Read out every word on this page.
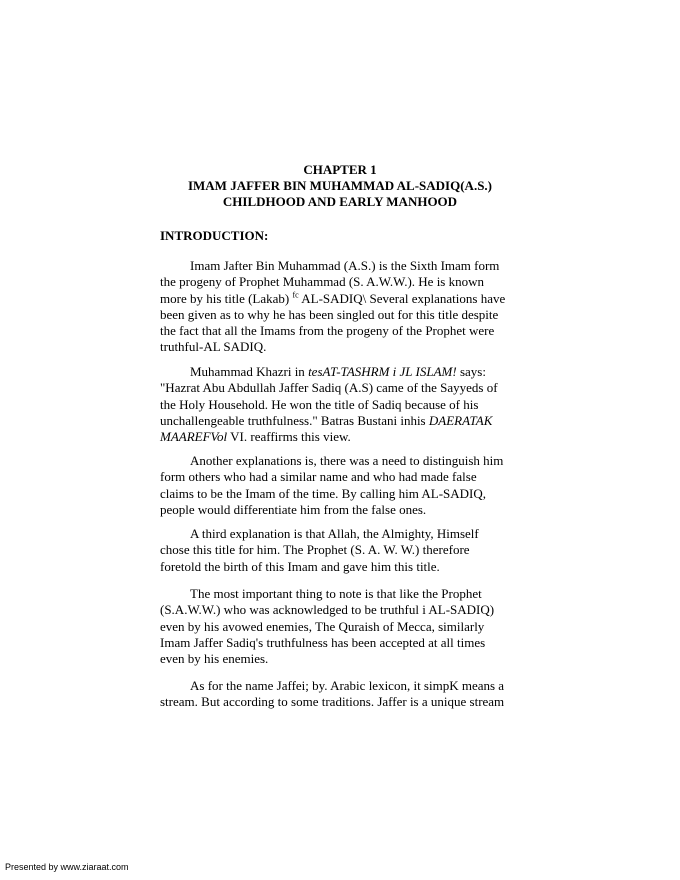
CHAPTER 1

IMAM JAFFER BIN MUHAMMAD AL-SADIQ(A.S.)

CHILDHOOD AND EARLY MANHOOD

INTRODUCTION:

Imam Jafter Bin Muhammad (A.S.) is the Sixth Imam form
the progeny of Prophet Muhammad (S. A.W.W.). He is known
more by his title (Lakab) $^{fc}$ AL-SADIQ\ Several explanations have
been given as to why he has been singled out for this title despite
the fact that all the Imams from the progeny of the Prophet were
truthful-AL SADIQ.
Muhammad Khazri in tesAT-TASHRM i JL ISLAM! says:
"Hazrat Abu Abdullah Jaffer Sadiq (A.S) came of the Sayyeds of
the Holy Household. He won the title of Sadiq because of his
unchallengeable truthfulness." Batras Bustani inhis DAERATAK
MAAREFVol VI. reaffirms this view.
Another explanations is, there was a need to distinguish him
form others who had a similar name and who had made false
claims to be the Imam of the time. By calling him AL-SADIQ,
people would differentiate him from the false ones.
A third explanation is that Allah, the Almighty, Himself
chose this title for him. The Prophet (S. A. W. W.) therefore
foretold the birth of this Imam and gave him this title.
The most important thing to note is that like the Prophet
(S.A.W.W.) who was acknowledged to be truthful i AL-SADIQ)
even by his avowed enemies, The Quraish of Mecca, similarly
Imam Jaffer Sadiq's truthfulness has been accepted at all times
even by his enemies.
As for the name Jaffei; by. Arabic lexicon, it simpK means a
stream. But according to some traditions. Jaffer is a unique stream

Presented by www.ziaraat.com
